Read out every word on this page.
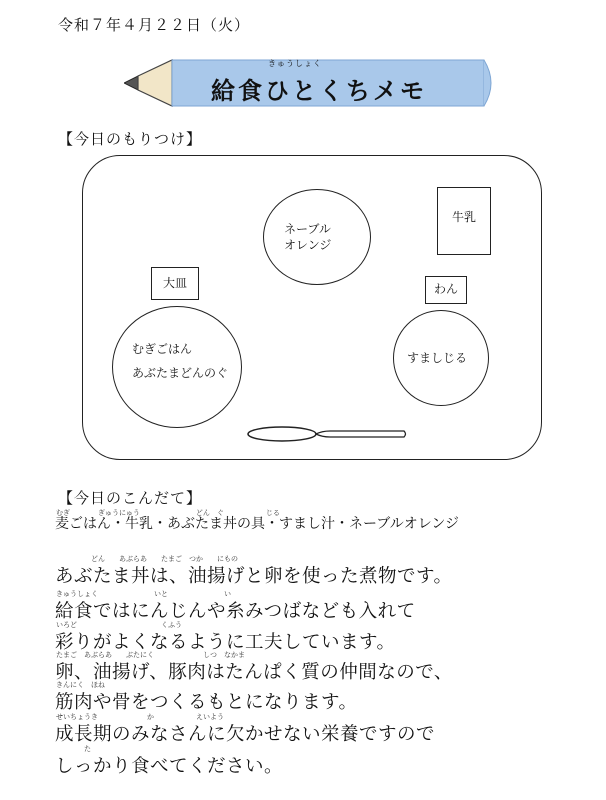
令和７年４月２２日（火）
きゅうしょく
給食ひとくちメモ
【今日のもりつけ】
ネーブル
オレンジ
牛乳
大皿	わん
むぎごはん
あぶたまどんのぐ
すましじる
【今日のこんだて】
むぎ　　　　ぎゅうにゅう　　　　　　　　どん　ぐ　　　　　　じる
麦ごはん・牛乳・あぶたま丼の具・すまし汁・ネーブルオレンジ
　　　　　どん　　あぶらあ　　たまご　つか　　にもの
あぶたま丼は、油揚げと卵を使った煮物です。
きゅうしょく　　　　　　　　いと　　　　　　　　い
給食ではにんじんや糸みつばなども入れて
いろど　　　　　　　　　　　　くふう
彩りがよくなるように工夫しています。
たまご　あぶらあ　　ぶたにく　　　　　　　しつ　なかま
卵、油揚げ、豚肉はたんぱく質の仲間なので、
きんにく　ほね
筋肉や骨をつくるもとになります。
せいちょうき　　　　　　　か　　　　　　えいよう
成長期のみなさんに欠かせない栄養ですので
　　　　た
しっかり食べてください。
